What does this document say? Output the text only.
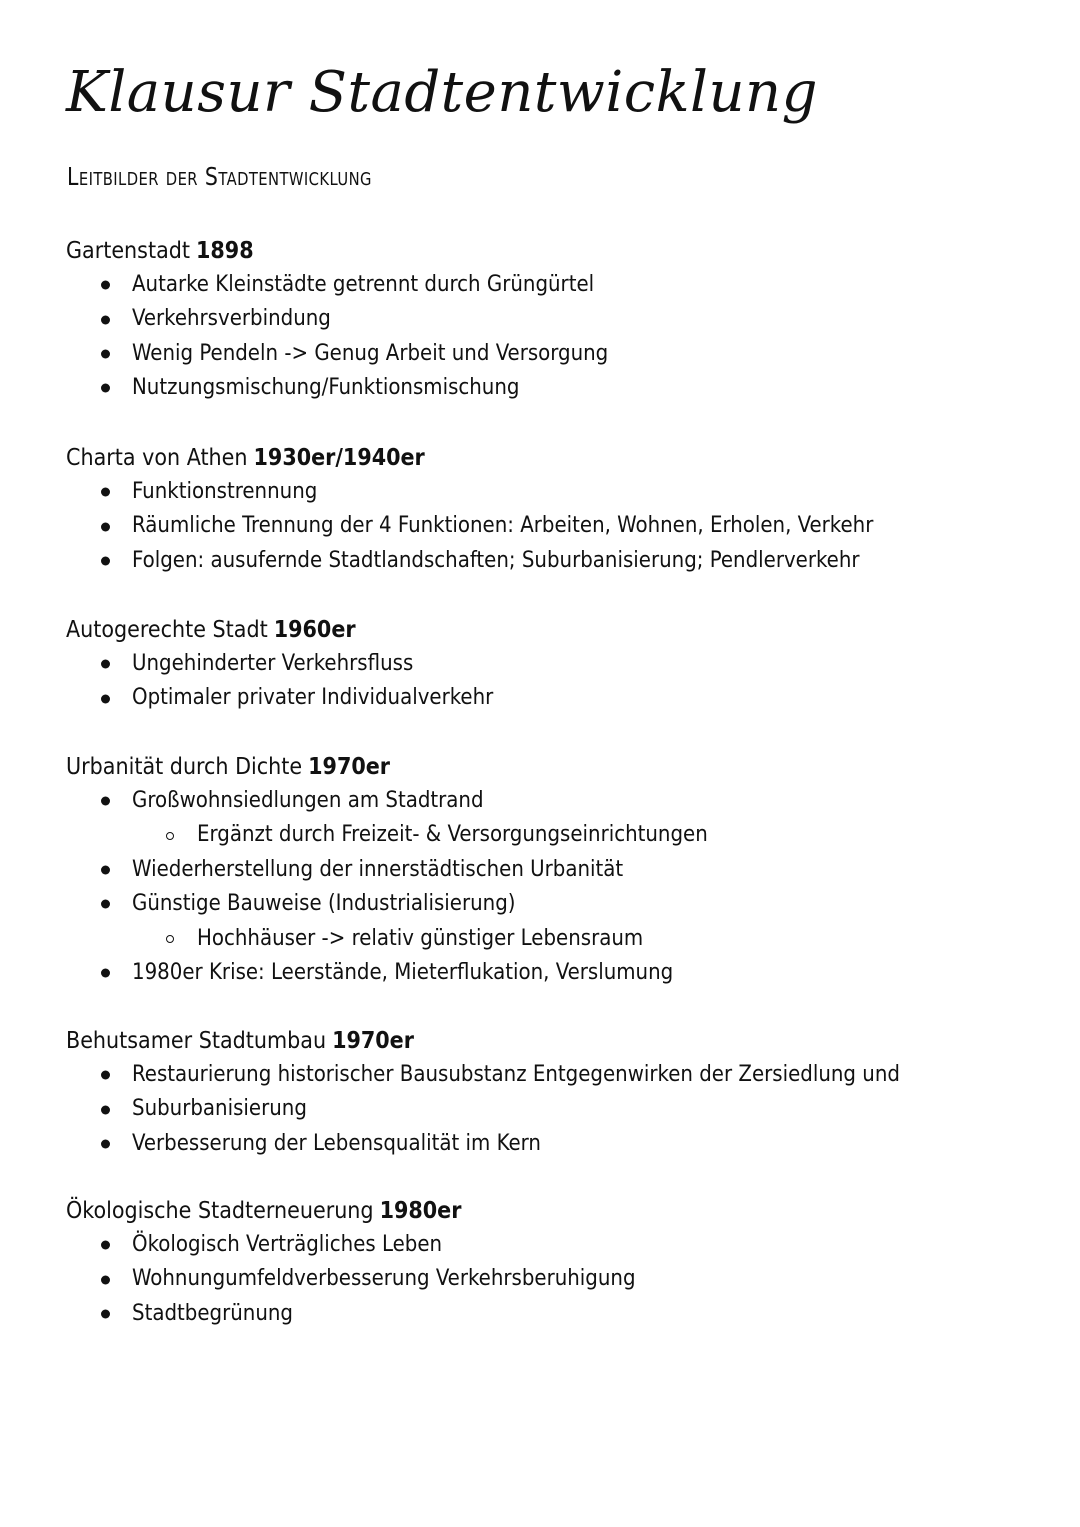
Klausur Stadtentwicklung
Leitbilder der Stadtentwicklung
Gartenstadt 1898
Autarke Kleinstädte getrennt durch Grüngürtel
Verkehrsverbindung
Wenig Pendeln -> Genug Arbeit und Versorgung
Nutzungsmischung/Funktionsmischung
Charta von Athen 1930er/1940er
Funktionstrennung
Räumliche Trennung der 4 Funktionen: Arbeiten, Wohnen, Erholen, Verkehr
Folgen: ausufernde Stadtlandschaften; Suburbanisierung; Pendlerverkehr
Autogerechte Stadt 1960er
Ungehinderter Verkehrsfluss
Optimaler privater Individualverkehr
Urbanität durch Dichte 1970er
Großwohnsiedlungen am Stadtrand
Ergänzt durch Freizeit- & Versorgungseinrichtungen
Wiederherstellung der innerstädtischen Urbanität
Günstige Bauweise (Industrialisierung)
Hochhäuser -> relativ günstiger Lebensraum
1980er Krise: Leerstände, Mieterflukation, Verslumung
Behutsamer Stadtumbau 1970er
Restaurierung historischer Bausubstanz Entgegenwirken der Zersiedlung und
Suburbanisierung
Verbesserung der Lebensqualität im Kern
Ökologische Stadterneuerung 1980er
Ökologisch Verträgliches Leben
Wohnungumfeldverbesserung Verkehrsberuhigung
Stadtbegrünung
